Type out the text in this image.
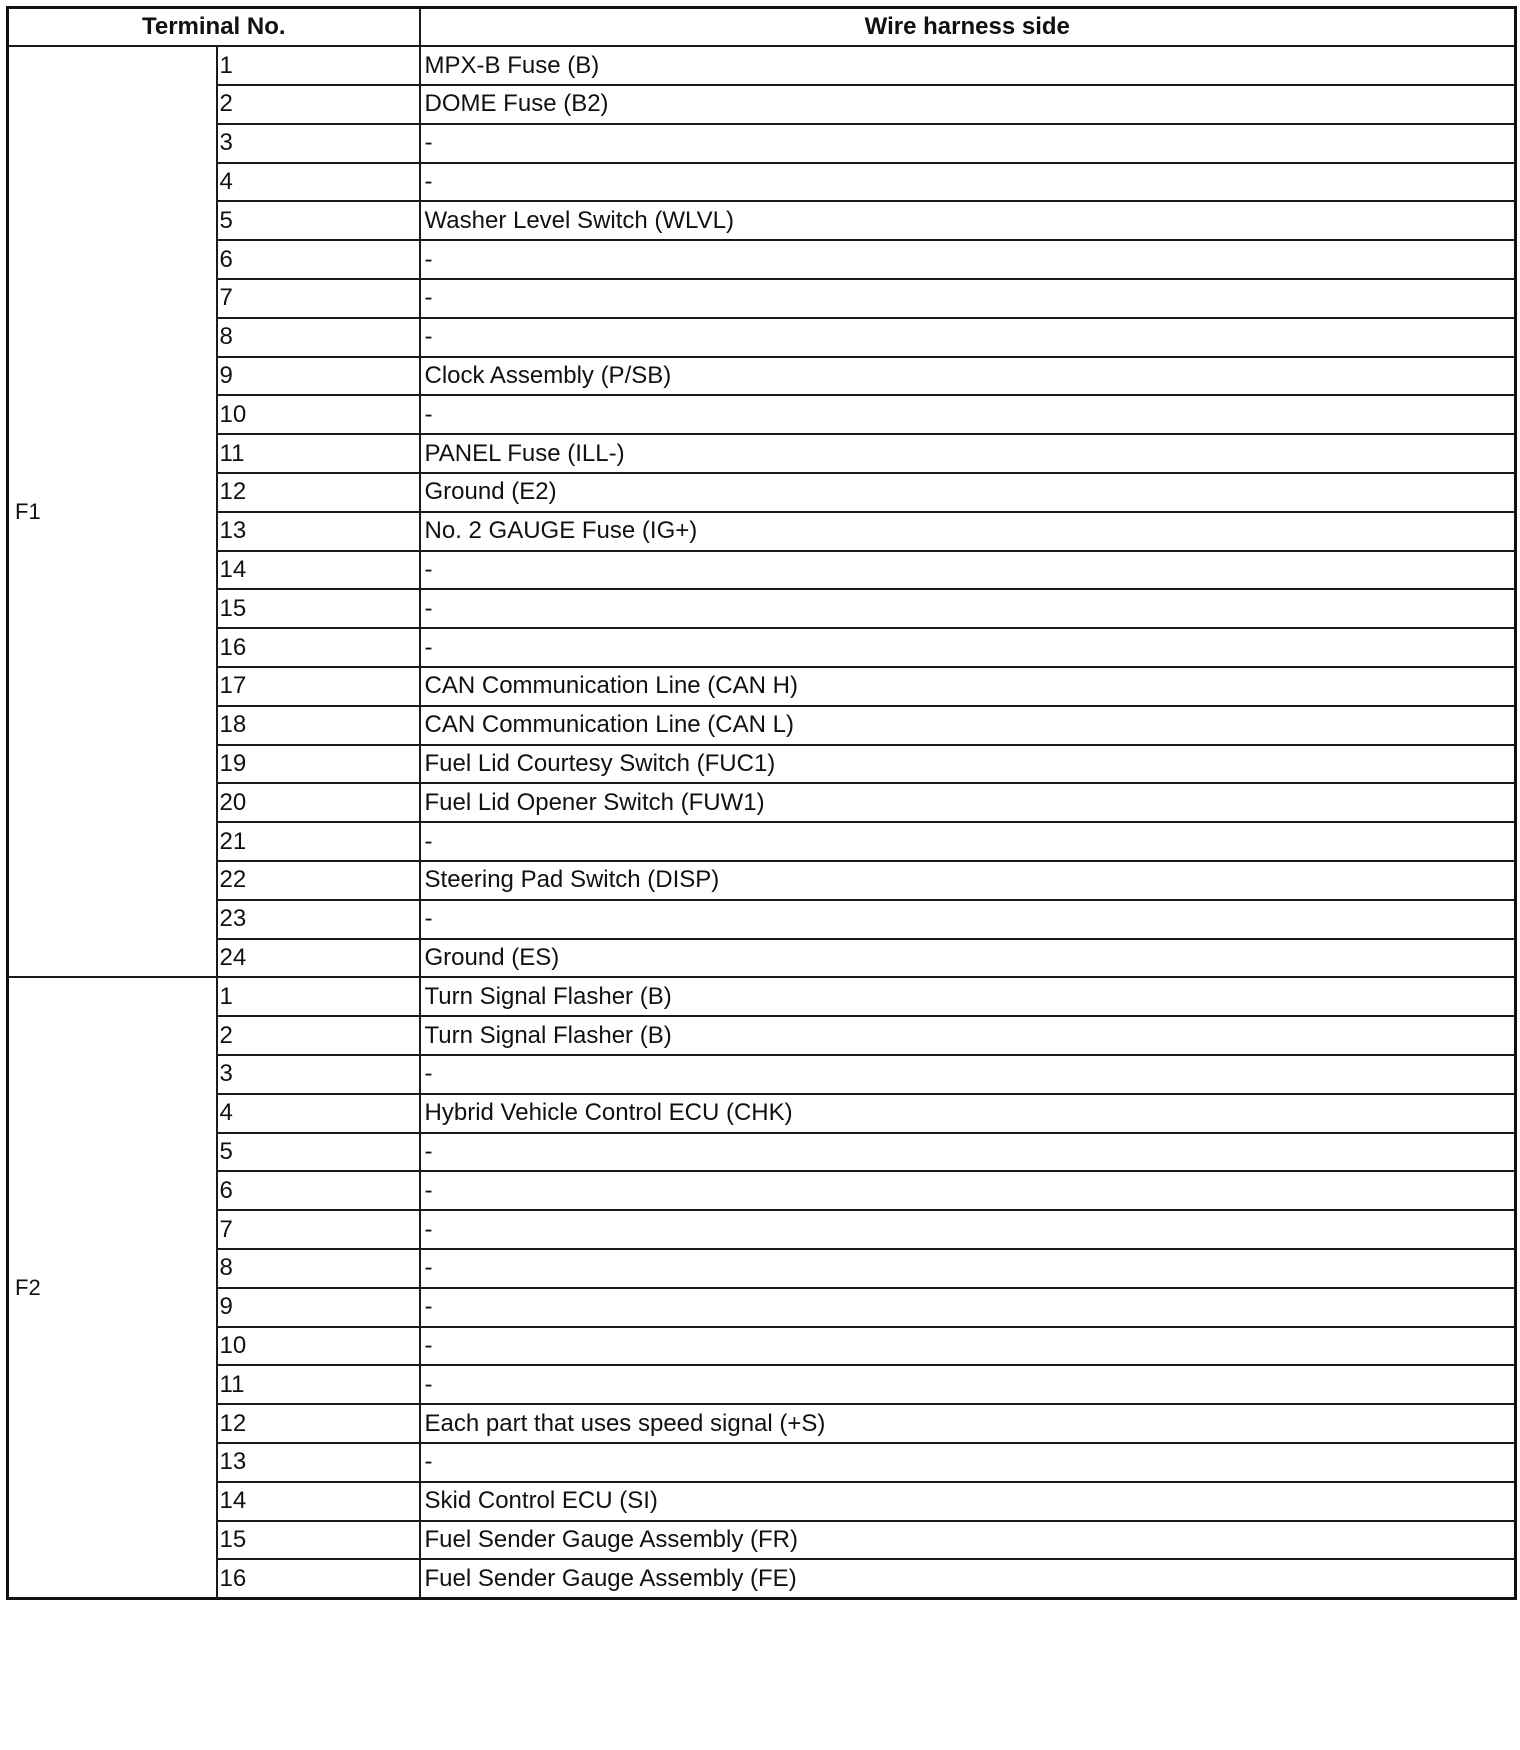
Terminal No.		Wire harness side
F1	1	MPX-B Fuse (B)
	2	DOME Fuse (B2)
	3	-
	4	-
	5	Washer Level Switch (WLVL)
	6	-
	7	-
	8	-
	9	Clock Assembly (P/SB)
	10	-
	11	PANEL Fuse (ILL-)
	12	Ground (E2)
	13	No. 2 GAUGE Fuse (IG+)
	14	-
	15	-
	16	-
	17	CAN Communication Line (CAN H)
	18	CAN Communication Line (CAN L)
	19	Fuel Lid Courtesy Switch (FUC1)
	20	Fuel Lid Opener Switch (FUW1)
	21	-
	22	Steering Pad Switch (DISP)
	23	-
	24	Ground (ES)
F2	1	Turn Signal Flasher (B)
	2	Turn Signal Flasher (B)
	3	-
	4	Hybrid Vehicle Control ECU (CHK)
	5	-
	6	-
	7	-
	8	-
	9	-
	10	-
	11	-
	12	Each part that uses speed signal (+S)
	13	-
	14	Skid Control ECU (SI)
	15	Fuel Sender Gauge Assembly (FR)
	16	Fuel Sender Gauge Assembly (FE)
